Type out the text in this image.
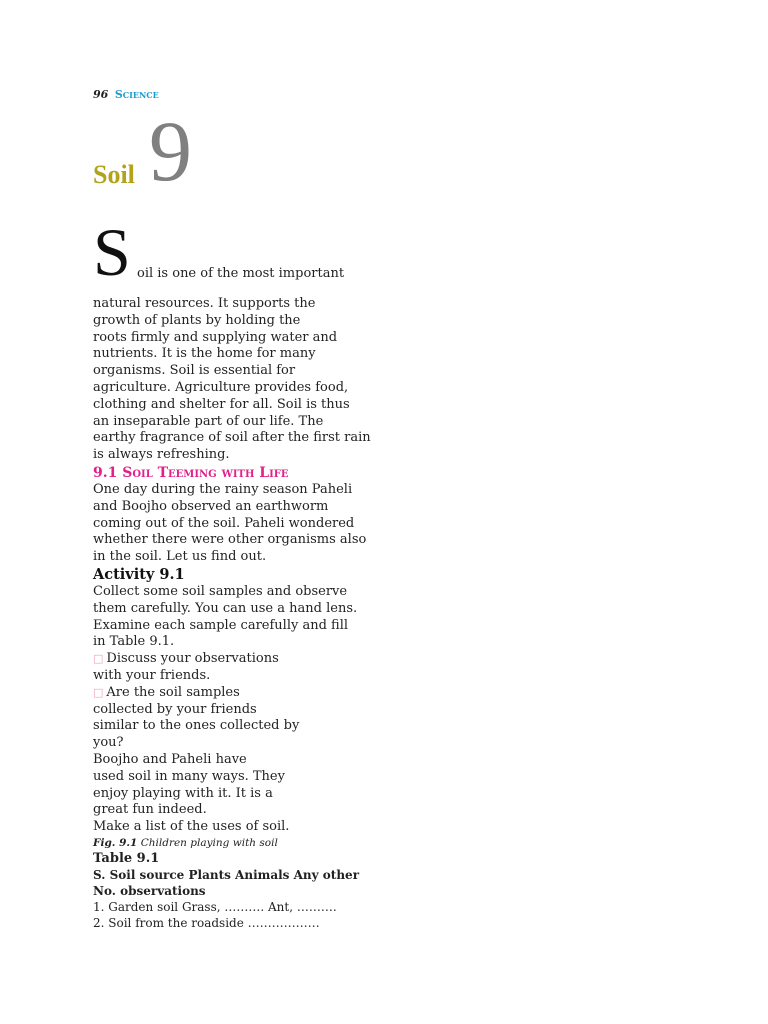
96 Science
Soil 9
S oil is one of the most important
natural resources. It supports the
growth of plants by holding the
roots firmly and supplying water and
nutrients. It is the home for many
organisms. Soil is essential for
agriculture. Agriculture provides food,
clothing and shelter for all. Soil is thus
an inseparable part of our life. The
earthy fragrance of soil after the first rain
is always refreshing.
9.1 Soil Teeming with Life
One day during the rainy season Paheli
and Boojho observed an earthworm
coming out of the soil. Paheli wondered
whether there were other organisms also
in the soil. Let us find out.
Activity 9.1
Collect some soil samples and observe
them carefully. You can use a hand lens.
Examine each sample carefully and fill
in Table 9.1.
□ Discuss your observations
with your friends.
□ Are the soil samples
collected by your friends
similar to the ones collected by
you?
Boojho and Paheli have
used soil in many ways. They
enjoy playing with it. It is a
great fun indeed.
Make a list of the uses of soil.
Fig. 9.1 Children playing with soil
Table 9.1
S. Soil source Plants Animals Any other
No. observations
1. Garden soil Grass, ………. Ant, ……….
2. Soil from the roadside ………………
